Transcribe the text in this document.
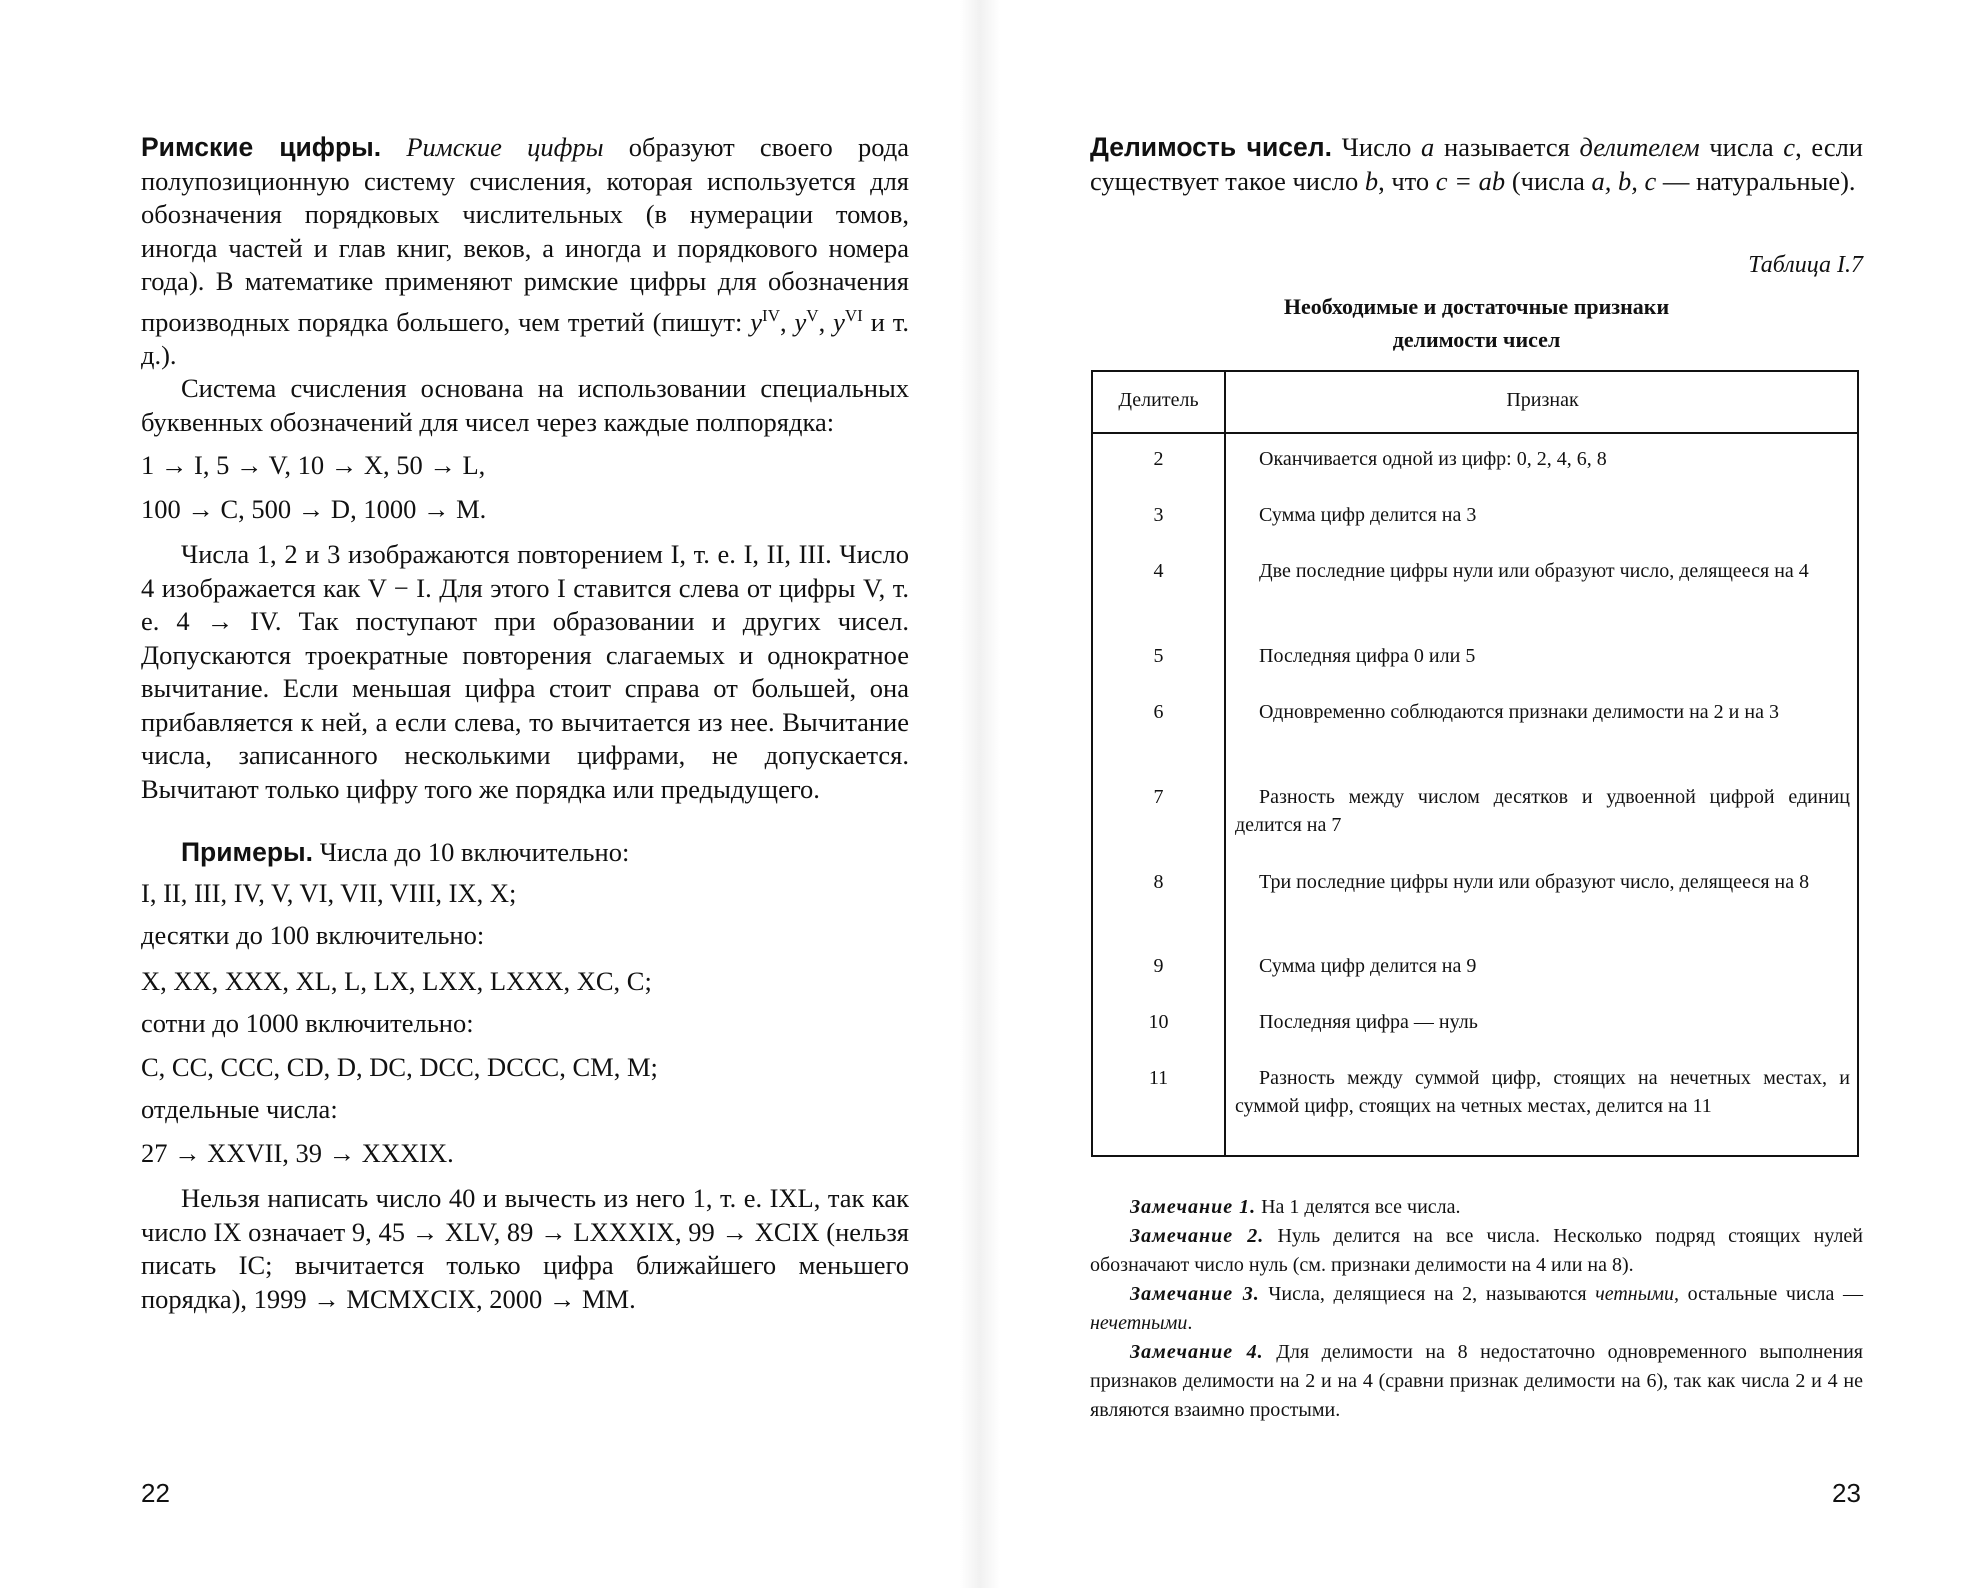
Римские цифры. Римские цифры образуют своего рода полупозиционную систему счисления, которая используется для обозначения порядковых числительных (в нумерации томов, иногда частей и глав книг, веков, а иногда и порядкового номера года). В математике применяют римские цифры для обозначения производных порядка большего, чем третий (пишут: $y^{IV}$, $y^V$, $y^{VI}$ и т. д.).

Система счисления основана на использовании специальных буквенных обозначений для чисел через каждые полпорядка:

1 → I, 5 → V, 10 → X, 50 → L,

100 → C, 500 → D, 1000 → M.

Числа 1, 2 и 3 изображаются повторением I, т. е. I, II, III. Число 4 изображается как V − I. Для этого I ставится слева от цифры V, т. е. 4 → IV. Так поступают при образовании и других чисел. Допускаются троекратные повторения слагаемых и однократное вычитание. Если меньшая цифра стоит справа от большей, она прибавляется к ней, а если слева, то вычитается из нее. Вычитание числа, записанного несколькими цифрами, не допускается. Вычитают только цифру того же порядка или предыдущего.

Примеры. Числа до 10 включительно:

I, II, III, IV, V, VI, VII, VIII, IX, X;

десятки до 100 включительно:

X, XX, XXX, XL, L, LX, LXX, LXXX, XC, C;

сотни до 1000 включительно:

C, CC, CCC, CD, D, DC, DCC, DCCC, CM, M;

отдельные числа:

27 → XXVII, 39 → XXXIX.

Нельзя написать число 40 и вычесть из него 1, т. е. IXL, так как число IX означает 9, 45 → XLV, 89 → LXXXIX, 99 → XCIX (нельзя писать IC; вычитается только цифра ближайшего меньшего порядка), 1999 → MCMXCIX, 2000 → MM.

22

Делимость чисел. Число a называется делителем числа c, если существует такое число b, что c = ab (числа a, b, c — натуральные).

Таблица I.7
Необходимые и достаточные признаки
делимости чисел
Делитель	Признак
2	Оканчивается одной из цифр: 0, 2, 4, 6, 8
3	Сумма цифр делится на 3
4	Две последние цифры нули или образуют число, делящееся на 4
5	Последняя цифра 0 или 5
6	Одновременно соблюдаются признаки делимости на 2 и на 3
7	Разность между числом десятков и удвоенной цифрой единиц делится на 7
8	Три последние цифры нули или образуют число, делящееся на 8
9	Сумма цифр делится на 9
10	Последняя цифра — нуль
11	Разность между суммой цифр, стоящих на нечетных местах, и суммой цифр, стоящих на четных местах, делится на 11

Замечание 1. На 1 делятся все числа.

Замечание 2. Нуль делится на все числа. Несколько подряд стоящих нулей обозначают число нуль (см. признаки делимости на 4 или на 8).

Замечание 3. Числа, делящиеся на 2, называются четными, остальные числа — нечетными.

Замечание 4. Для делимости на 8 недостаточно одновременного выполнения признаков делимости на 2 и на 4 (сравни признак делимости на 6), так как числа 2 и 4 не являются взаимно простыми.

23
